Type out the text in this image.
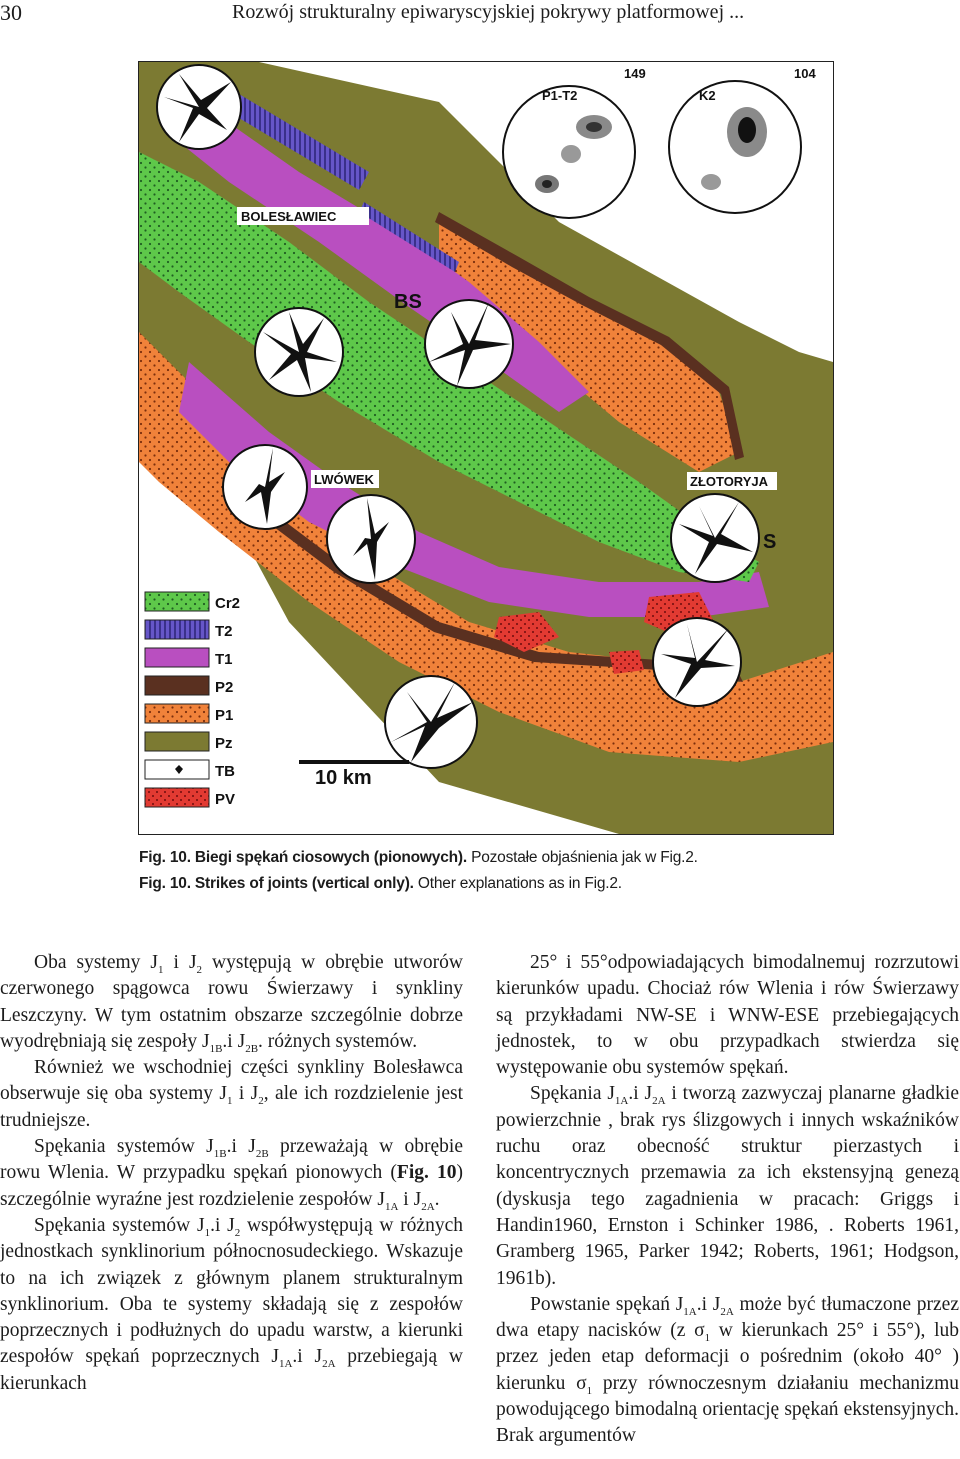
30	Rozwój strukturalny epiwaryscyjskiej pokrywy platformowej ...
P1-T2
149
K2
104
BOLESŁAWIEC
BS
LWÓWEK	ZŁOTORYJA
S
Cr2
T2
T1
P2
P1
Pz
TB
PV
10 km
Fig. 10. Biegi spękań ciosowych (pionowych). Pozostałe objaśnienia jak w Fig.2.
Fig. 10. Strikes of joints (vertical only). Other explanations as in Fig.2.

Oba systemy $J_1$ i $J_2$ występują w obrębie utworów czerwonego spągowca rowu Świerzawy i synkliny Leszczyny. W tym ostatnim obszarze szczególnie dobrze wyodrębniają się zespoły $J_{1B}.i$ $J_{2B}$. różnych systemów.

Również we wschodniej części synkliny Bolesławca obserwuje się oba systemy $J_1$ i $J_2$, ale ich rozdzielenie jest trudniejsze.

Spękania systemów $J_{1B}.i$ $J_{2B}$ przeważają w obrębie rowu Wlenia. W przypadku spękań pionowych (Fig. 10) szczególnie wyraźne jest rozdzielenie zespołów $J_{1A}$ i $J_{2A}$.

Spękania systemów $J_1.i$ $J_2$ współwystępują w różnych jednostkach synklinorium północnosudeckiego. Wskazuje to na ich związek z głównym planem strukturalnym synklinorium. Oba te systemy składają się z zespołów poprzecznych i podłużnych do upadu warstw, a kierunki zespołów spękań poprzecznych $J_{1A}.i$ $J_{2A}$ przebiegają w kierunkach

25° i 55°odpowiadających bimodalnemuj rozrzutowi kierunków upadu. Chociaż rów Wlenia i rów Świerzawy są przykładami NW-SE i WNW-ESE przebiegających jednostek, to w obu przypadkach stwierdza się występowanie obu systemów spękań.

Spękania $J_{1A}.i$ $J_{2A}$ i tworzą zazwyczaj planarne gładkie powierzchnie , brak rys ślizgowych i innych wskaźników ruchu oraz obecność struktur pierzastych i koncentrycznych przemawia za ich ekstensyjną genezą (dyskusja tego zagadnienia w pracach: Griggs i Handin1960, Ernston i Schinker 1986, . Roberts 1961, Gramberg 1965, Parker 1942; Roberts, 1961; Hodgson, 1961b).

Powstanie spękań $J_{1A}.i$ $J_{2A}$ może być tłumaczone przez dwa etapy nacisków (z $\sigma_1$ w kierunkach 25° i 55°), lub przez jeden etap deformacji o pośrednim (około 40° ) kierunku $\sigma_1$ przy równoczesnym działaniu mechanizmu powodującego bimodalną orientację spękań ekstensyjnych. Brak argumentów
